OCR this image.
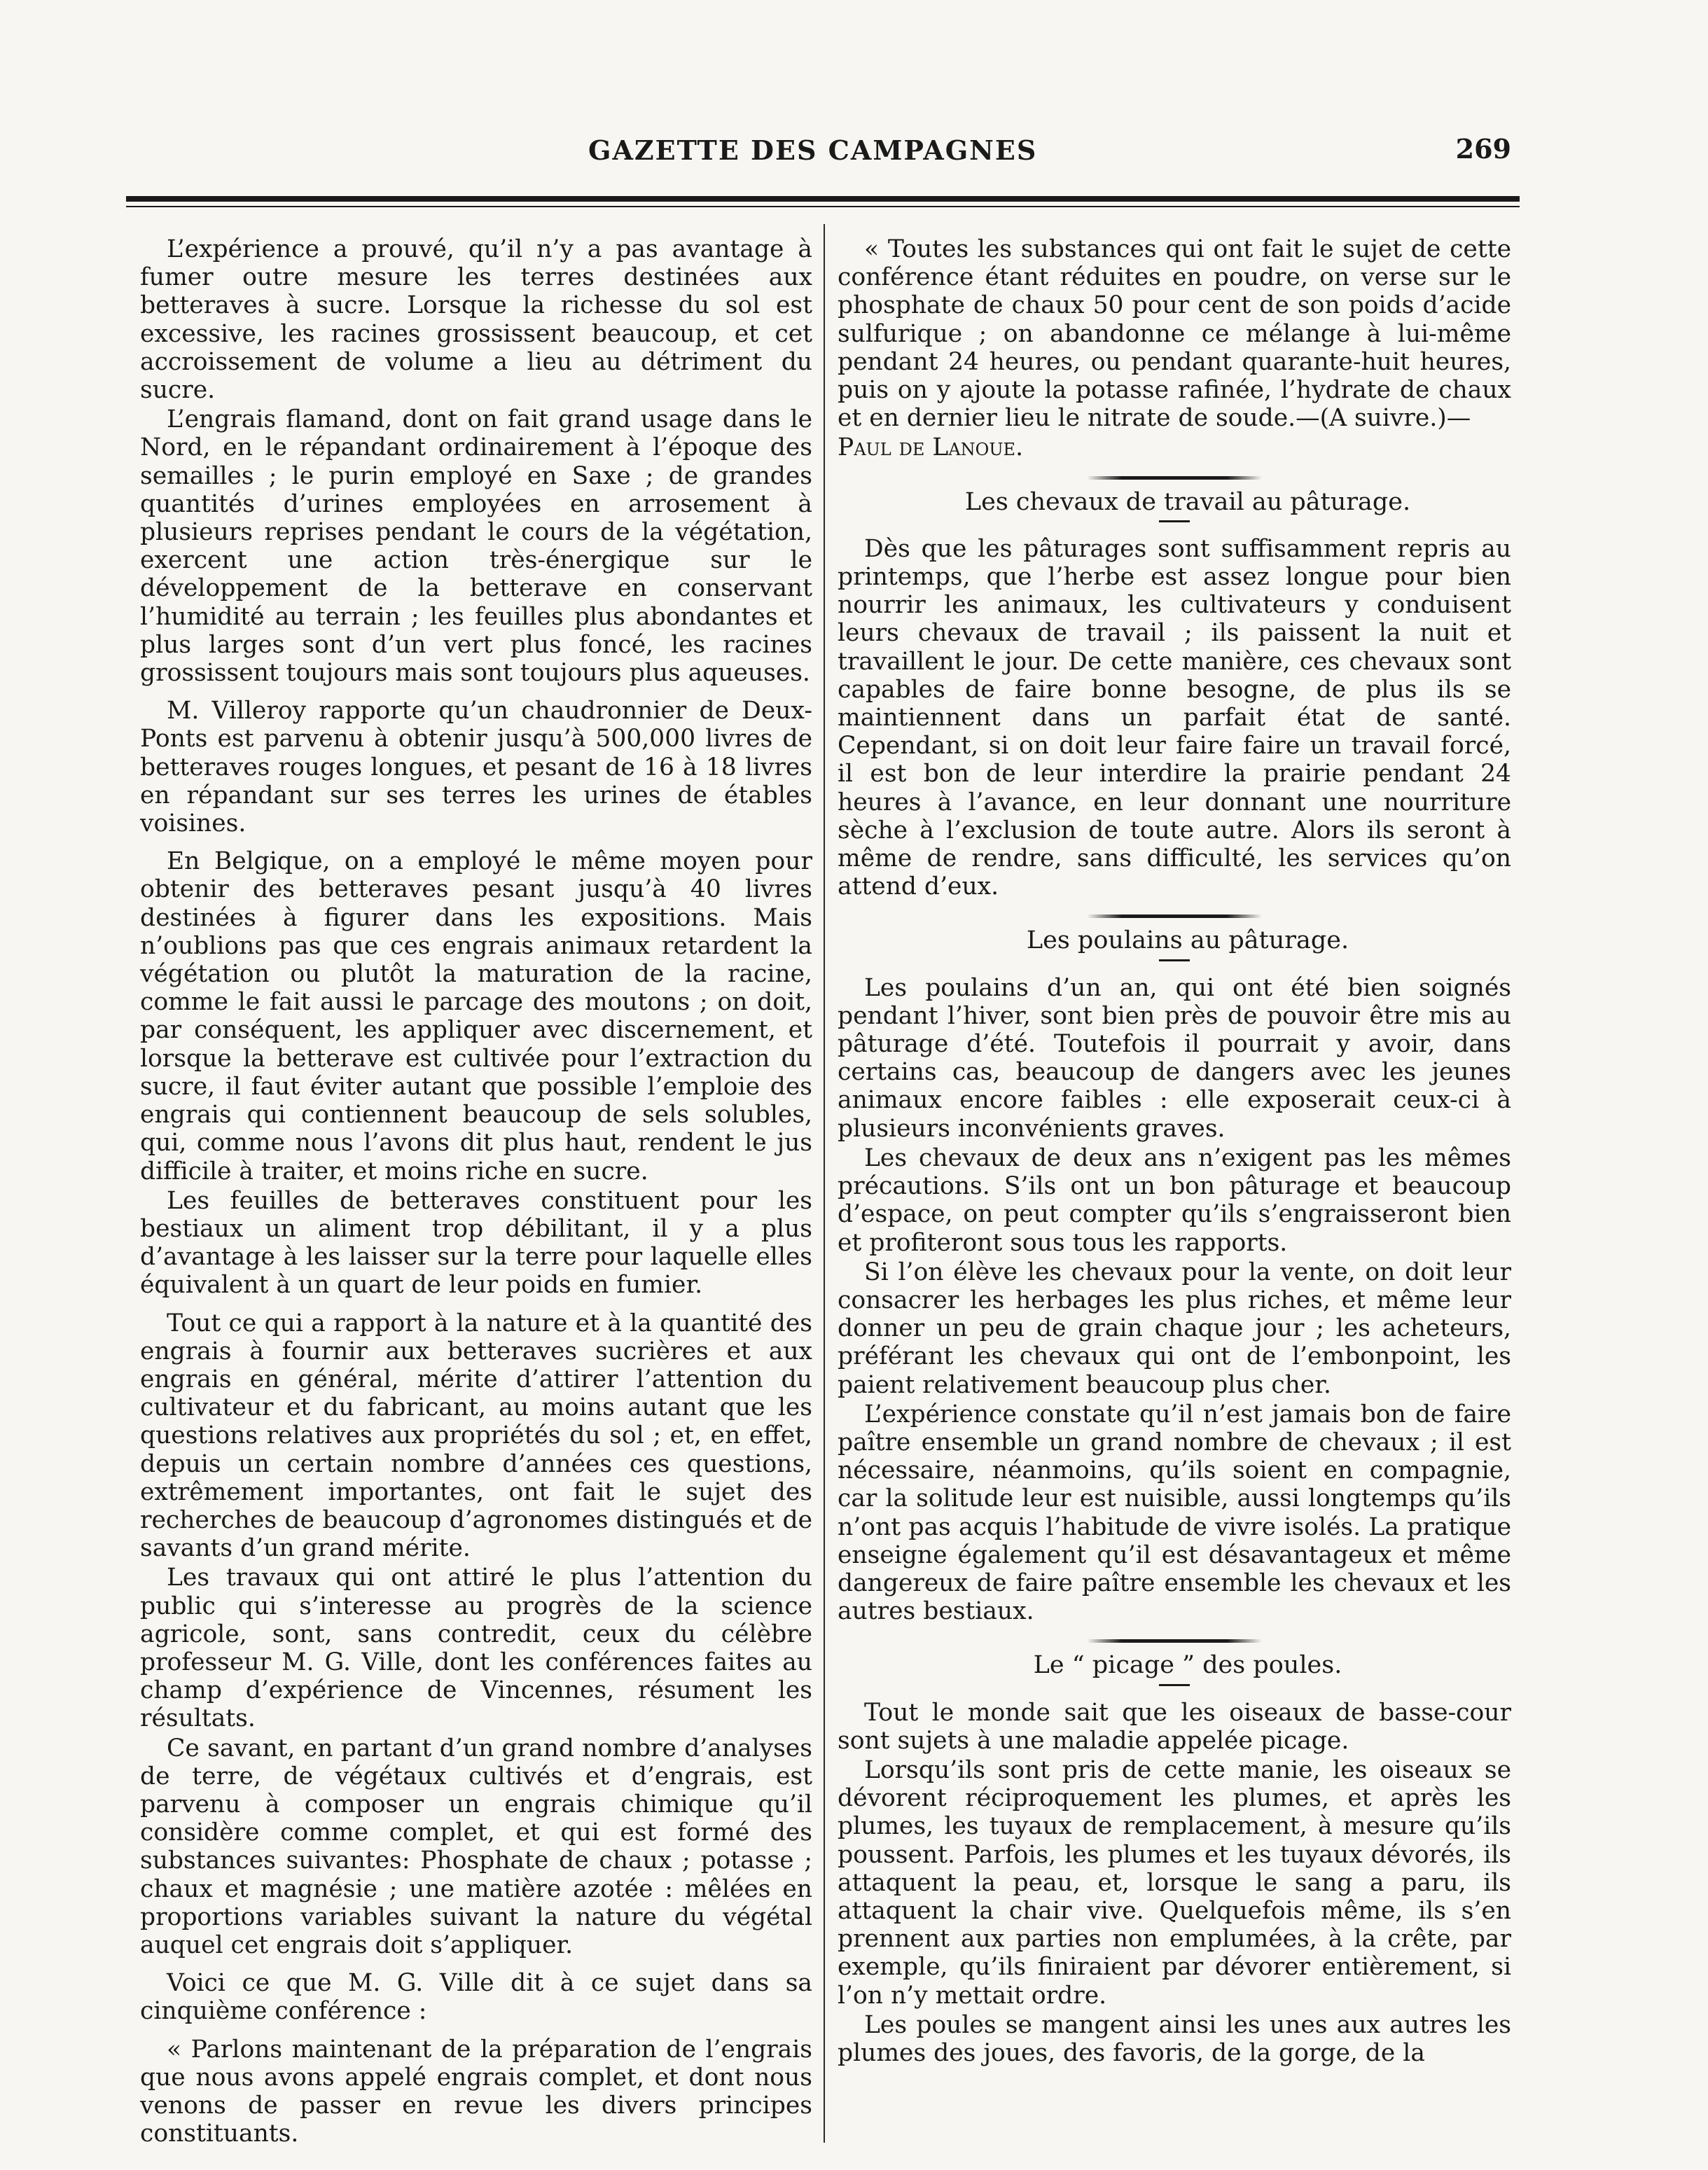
GAZETTE DES CAMPAGNES	269

L’expérience a prouvé, qu’il n’y a pas avantage à fumer outre mesure les terres destinées aux betteraves à sucre. Lorsque la richesse du sol est excessive, les racines grossissent beaucoup, et cet accroissement de volume a lieu au détriment du sucre.

L’engrais flamand, dont on fait grand usage dans le Nord, en le répandant ordinairement à l’époque des semailles ; le purin employé en Saxe ; de grandes quantités d’urines employées en arrosement à plusieurs reprises pendant le cours de la végétation, exercent une action très-énergique sur le développement de la betterave en conservant l’humidité au terrain ; les feuilles plus abondantes et plus larges sont d’un vert plus foncé, les racines grossissent toujours mais sont toujours plus aqueuses.

M. Villeroy rapporte qu’un chaudronnier de Deux-Ponts est parvenu à obtenir jusqu’à 500,000 livres de betteraves rouges longues, et pesant de 16 à 18 livres en répandant sur ses terres les urines de étables voisines.

En Belgique, on a employé le même moyen pour obtenir des betteraves pesant jusqu’à 40 livres destinées à figurer dans les expositions. Mais n’oublions pas que ces engrais animaux retardent la végétation ou plutôt la maturation de la racine, comme le fait aussi le parcage des moutons ; on doit, par conséquent, les appliquer avec discernement, et lorsque la betterave est cultivée pour l’extraction du sucre, il faut éviter autant que possible l’emploie des engrais qui contiennent beaucoup de sels solubles, qui, comme nous l’avons dit plus haut, rendent le jus difficile à traiter, et moins riche en sucre.

Les feuilles de betteraves constituent pour les bestiaux un aliment trop débilitant, il y a plus d’avantage à les laisser sur la terre pour laquelle elles équivalent à un quart de leur poids en fumier.

Tout ce qui a rapport à la nature et à la quantité des engrais à fournir aux betteraves sucrières et aux engrais en général, mérite d’attirer l’attention du cultivateur et du fabricant, au moins autant que les questions relatives aux propriétés du sol ; et, en effet, depuis un certain nombre d’années ces questions, extrêmement importantes, ont fait le sujet des recherches de beaucoup d’agronomes distingués et de savants d’un grand mérite.

Les travaux qui ont attiré le plus l’attention du public qui s’interesse au progrès de la science agricole, sont, sans contredit, ceux du célèbre professeur M. G. Ville, dont les conférences faites au champ d’expérience de Vincennes, résument les résultats.

Ce savant, en partant d’un grand nombre d’analyses de terre, de végétaux cultivés et d’engrais, est parvenu à composer un engrais chimique qu’il considère comme complet, et qui est formé des substances suivantes: Phosphate de chaux ; potasse ; chaux et magnésie ; une matière azotée : mêlées en proportions variables suivant la nature du végétal auquel cet engrais doit s’appliquer.

Voici ce que M. G. Ville dit à ce sujet dans sa cinquième conférence :

« Parlons maintenant de la préparation de l’engrais que nous avons appelé engrais complet, et dont nous venons de passer en revue les divers principes constituants.

« Toutes les substances qui ont fait le sujet de cette conférence étant réduites en poudre, on verse sur le phosphate de chaux 50 pour cent de son poids d’acide sulfurique ; on abandonne ce mélange à lui-même pendant 24 heures, ou pendant quarante-huit heures, puis on y ajoute la potasse rafinée, l’hydrate de chaux et en dernier lieu le nitrate de soude.—(A suivre.)—

Paul de Lanoue.

Les chevaux de travail au pâturage.

Dès que les pâturages sont suffisamment repris au printemps, que l’herbe est assez longue pour bien nourrir les animaux, les cultivateurs y conduisent leurs chevaux de travail ; ils paissent la nuit et travaillent le jour. De cette manière, ces chevaux sont capables de faire bonne besogne, de plus ils se maintiennent dans un parfait état de santé. Cependant, si on doit leur faire faire un travail forcé, il est bon de leur interdire la prairie pendant 24 heures à l’avance, en leur donnant une nourriture sèche à l’exclusion de toute autre. Alors ils seront à même de rendre, sans difficulté, les services qu’on attend d’eux.

Les poulains au pâturage.

Les poulains d’un an, qui ont été bien soignés pendant l’hiver, sont bien près de pouvoir être mis au pâturage d’été. Toutefois il pourrait y avoir, dans certains cas, beaucoup de dangers avec les jeunes animaux encore faibles : elle exposerait ceux-ci à plusieurs inconvénients graves.

Les chevaux de deux ans n’exigent pas les mêmes précautions. S’ils ont un bon pâturage et beaucoup d’espace, on peut compter qu’ils s’engraisseront bien et profiteront sous tous les rapports.

Si l’on élève les chevaux pour la vente, on doit leur consacrer les herbages les plus riches, et même leur donner un peu de grain chaque jour ; les acheteurs, préférant les chevaux qui ont de l’embonpoint, les paient relativement beaucoup plus cher.

L’expérience constate qu’il n’est jamais bon de faire paître ensemble un grand nombre de chevaux ; il est nécessaire, néanmoins, qu’ils soient en compagnie, car la solitude leur est nuisible, aussi longtemps qu’ils n’ont pas acquis l’habitude de vivre isolés. La pratique enseigne également qu’il est désavantageux et même dangereux de faire paître ensemble les chevaux et les autres bestiaux.

Le “ picage ” des poules.

Tout le monde sait que les oiseaux de basse-cour sont sujets à une maladie appelée picage.

Lorsqu’ils sont pris de cette manie, les oiseaux se dévorent réciproquement les plumes, et après les plumes, les tuyaux de remplacement, à mesure qu’ils poussent. Parfois, les plumes et les tuyaux dévorés, ils attaquent la peau, et, lorsque le sang a paru, ils attaquent la chair vive. Quelquefois même, ils s’en prennent aux parties non emplumées, à la crête, par exemple, qu’ils finiraient par dévorer entièrement, si l’on n’y mettait ordre.

Les poules se mangent ainsi les unes aux autres les plumes des joues, des favoris, de la gorge, de la
